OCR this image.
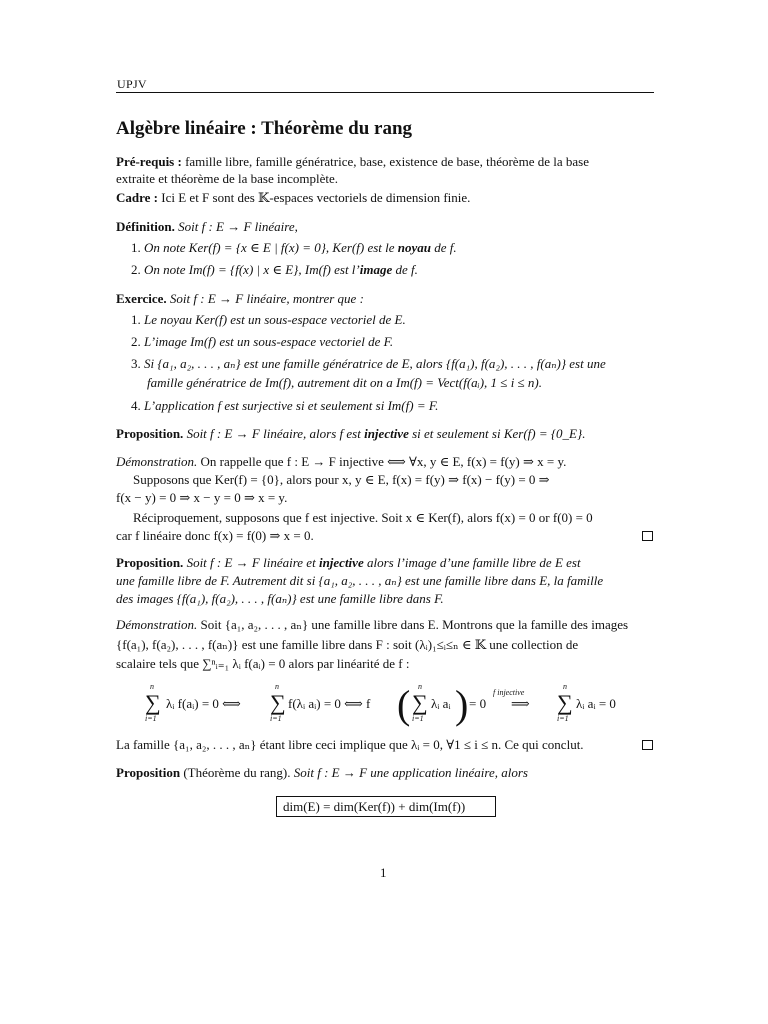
UPJV
Algèbre linéaire : Théorème du rang
Pré-requis : famille libre, famille génératrice, base, existence de base, théorème de la base
extraite et théorème de la base incomplète.
Cadre : Ici E et F sont des 𝕂-espaces vectoriels de dimension finie.
Définition. Soit f : E → F linéaire,
1. On note Ker(f) = {x ∈ E | f(x) = 0}, Ker(f) est le noyau de f.
2. On note Im(f) = {f(x) | x ∈ E}, Im(f) est l’image de f.
Exercice. Soit f : E → F linéaire, montrer que :
1. Le noyau Ker(f) est un sous-espace vectoriel de E.
2. L’image Im(f) est un sous-espace vectoriel de F.
3. Si {a₁, a₂, . . . , aₙ} est une famille génératrice de E, alors {f(a₁), f(a₂), . . . , f(aₙ)} est une
famille génératrice de Im(f), autrement dit on a Im(f) = Vect(f(aᵢ), 1 ≤ i ≤ n).
4. L’application f est surjective si et seulement si Im(f) = F.
Proposition. Soit f : E → F linéaire, alors f est injective si et seulement si Ker(f) = {0_E}.
Démonstration. On rappelle que f : E → F injective ⟺ ∀x, y ∈ E, f(x) = f(y) ⇒ x = y.
Supposons que Ker(f) = {0}, alors pour x, y ∈ E, f(x) = f(y) ⇒ f(x) − f(y) = 0 ⇒
f(x − y) = 0 ⇒ x − y = 0 ⇒ x = y.
Réciproquement, supposons que f est injective. Soit x ∈ Ker(f), alors f(x) = 0 or f(0) = 0
car f linéaire donc f(x) = f(0) ⇒ x = 0.
Proposition. Soit f : E → F linéaire et injective alors l’image d’une famille libre de E est
une famille libre de F. Autrement dit si {a₁, a₂, . . . , aₙ} est une famille libre dans E, la famille
des images {f(a₁), f(a₂), . . . , f(aₙ)} est une famille libre dans F.
Démonstration. Soit {a₁, a₂, . . . , aₙ} une famille libre dans E. Montrons que la famille des images
{f(a₁), f(a₂), . . . , f(aₙ)} est une famille libre dans F : soit (λᵢ)₁≤ᵢ≤ₙ ∈ 𝕂 une collection de
scalaire tels que ∑ⁿᵢ₌₁ λᵢ f(aᵢ) = 0 alors par linéarité de f :
n
∑
i=1
λᵢ f(aᵢ) = 0 ⟺
n
∑
i=1
f(λᵢ aᵢ) = 0 ⟺ f ( n
∑
i=1
λᵢ aᵢ ) = 0
f injective
⟹
n
∑
i=1
λᵢ aᵢ = 0
La famille {a₁, a₂, . . . , aₙ} étant libre ceci implique que λᵢ = 0, ∀1 ≤ i ≤ n. Ce qui conclut.
Proposition (Théorème du rang). Soit f : E → F une application linéaire, alors
dim(E) = dim(Ker(f)) + dim(Im(f))
1
